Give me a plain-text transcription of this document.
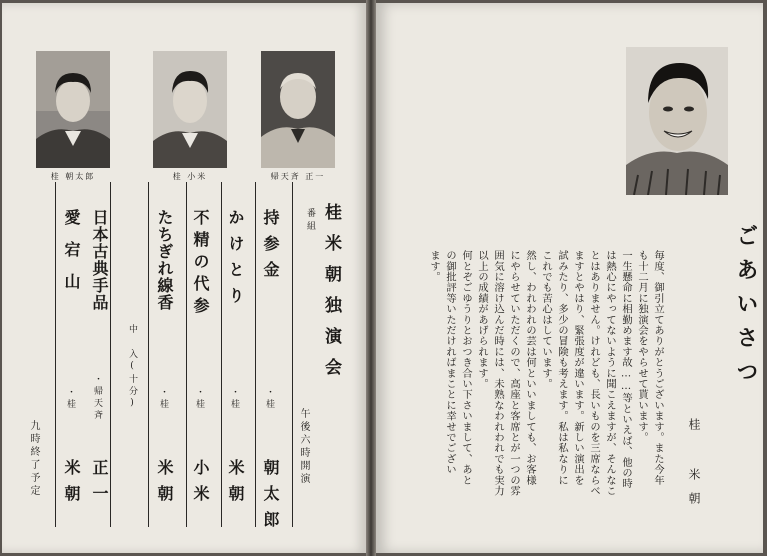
桂 朝太郎	桂 小米	帰天斉 正一
桂米朝独演会
番組
午後六時開演
持参金
・桂
朝太郎
かけとり
・桂
米朝
不精の代参
・桂
小米
たちぎれ線香
・桂
米朝
中 入(十分)
日本古典手品
・帰天斉
正一
愛宕山
・桂
米朝
九時終了予定
ごあいさつ
桂 米朝
毎度、御引立てありがとうございます。また今年
も十二月に独演会をやらせて貰います。
一生懸命に相勤めます故……等といえば、他の時
は熱心にやってないように聞こえますが、そんなこ
とはありません。けれども、長いものを三席ならべ
ますとやはり、緊張度が違います。新しい演出を
試みたり、多少の冒険も考えます。私は私なりに
これでも苦心はしています。
然し、われわれの芸は何といいましても、お客様
にやらせていただくので、高座と客席とが一つの雰
囲気に溶け込んだ時には、未熟なわれわれでも実力
以上の成績があげられます。
何とぞごゆうりとおつき合い下さいまして、あと
の御批評等いただければまことに幸せでござい
ます。
